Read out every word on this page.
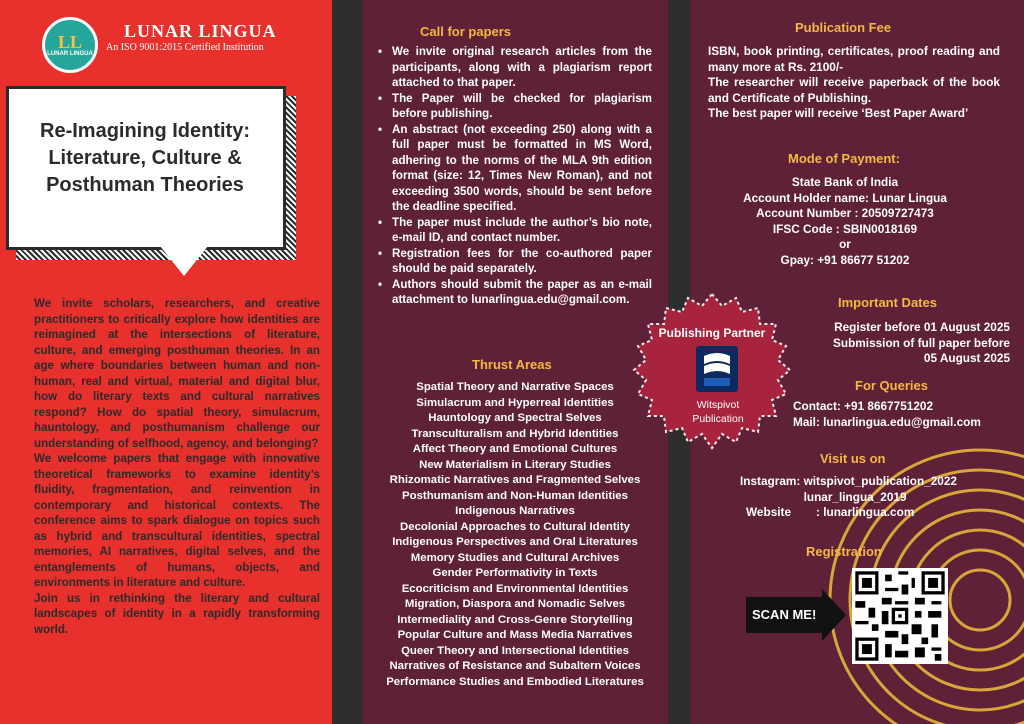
LL
LUNAR LINGUA
LUNAR LINGUA
An ISO 9001:2015 Certified Institution
Re-Imagining Identity:
Literature, Culture &
Posthuman Theories

We invite scholars, researchers, and creative practitioners to critically explore how identities are reimagined at the intersections of literature, culture, and emerging posthuman theories. In an age where boundaries between human and non-human, real and virtual, material and digital blur, how do literary texts and cultural narratives respond? How do spatial theory, simulacrum, hauntology, and posthumanism challenge our understanding of selfhood, agency, and belonging?

We welcome papers that engage with innovative theoretical frameworks to examine identity’s fluidity, fragmentation, and reinvention in contemporary and historical contexts. The conference aims to spark dialogue on topics such as hybrid and transcultural identities, spectral memories, AI narratives, digital selves, and the entanglements of humans, objects, and environments in literature and culture.

Join us in rethinking the literary and cultural landscapes of identity in a rapidly transforming world.

Call for papers
• We invite original research articles from the participants, along with a plagiarism report attached to that paper.
• The Paper will be checked for plagiarism before publishing.
• An abstract (not exceeding 250) along with a full paper must be formatted in MS Word, adhering to the norms of the MLA 9th edition format (size: 12, Times New Roman), and not exceeding 3500 words, should be sent before the deadline specified.
• The paper must include the author’s bio note, e-mail ID, and contact number.
• Registration fees for the co-authored paper should be paid separately.
• Authors should submit the paper as an e-mail attachment to lunarlingua.edu@gmail.com.
Thrust Areas
Spatial Theory and Narrative Spaces
Simulacrum and Hyperreal Identities
Hauntology and Spectral Selves
Transculturalism and Hybrid Identities
Affect Theory and Emotional Cultures
New Materialism in Literary Studies
Rhizomatic Narratives and Fragmented Selves
Posthumanism and Non-Human Identities
Indigenous Narratives
Decolonial Approaches to Cultural Identity
Indigenous Perspectives and Oral Literatures
Memory Studies and Cultural Archives
Gender Performativity in Texts
Ecocriticism and Environmental Identities
Migration, Diaspora and Nomadic Selves
Intermediality and Cross-Genre Storytelling
Popular Culture and Mass Media Narratives
Queer Theory and Intersectional Identities
Narratives of Resistance and Subaltern Voices
Performance Studies and Embodied Literatures
Publishing Partner
Witspivot
Publication
Publication Fee
ISBN, book printing, certificates, proof reading and many more at Rs. 2100/-
The researcher will receive paperback of the book and Certificate of Publishing.
The best paper will receive ‘Best Paper Award’
Mode of Payment:
State Bank of India
Account Holder name: Lunar Lingua
Account Number : 20509727473
IFSC Code : SBIN0018169
or
Gpay: +91 86677 51202
Important Dates
Register before 01 August 2025
Submission of full paper before
05 August 2025
For Queries
Contact: +91 8667751202
Mail: lunarlingua.edu@gmail.com
Visit us on
Instagram:
witspivot_publication_2022
lunar_lingua_2019
Website	: lunarlingua.com
Registration
SCAN ME!
